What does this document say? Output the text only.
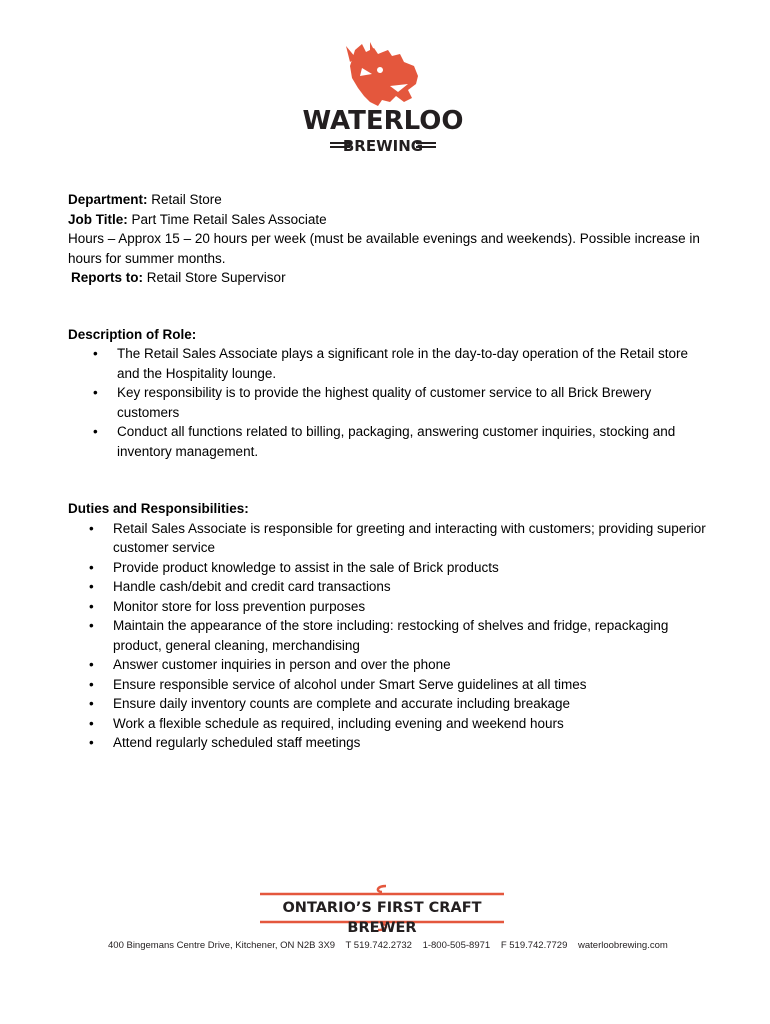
WATERLOO
BREWING

Department: Retail Store

Job Title: Part Time Retail Sales Associate

Hours – Approx 15 – 20 hours per week (must be available evenings and weekends). Possible increase in hours for summer months.

Reports to: Retail Store Supervisor

Description of Role:

• The Retail Sales Associate plays a significant role in the day-to-day operation of the Retail store and the Hospitality lounge.
• Key responsibility is to provide the highest quality of customer service to all Brick Brewery customers
• Conduct all functions related to billing, packaging, answering customer inquiries, stocking and inventory management.

Duties and Responsibilities:

• Retail Sales Associate is responsible for greeting and interacting with customers; providing superior customer service
• Provide product knowledge to assist in the sale of Brick products
• Handle cash/debit and credit card transactions
• Monitor store for loss prevention purposes
• Maintain the appearance of the store including: restocking of shelves and fridge, repackaging product, general cleaning, merchandising
• Answer customer inquiries in person and over the phone
• Ensure responsible service of alcohol under Smart Serve guidelines at all times
• Ensure daily inventory counts are complete and accurate including breakage
• Work a flexible schedule as required, including evening and weekend hours
• Attend regularly scheduled staff meetings
ONTARIO’S FIRST CRAFT BREWER
400 Bingemans Centre Drive, Kitchener, ON N2B 3X9 T 519.742.2732 1-800-505-8971 F 519.742.7729 waterloobrewing.com
